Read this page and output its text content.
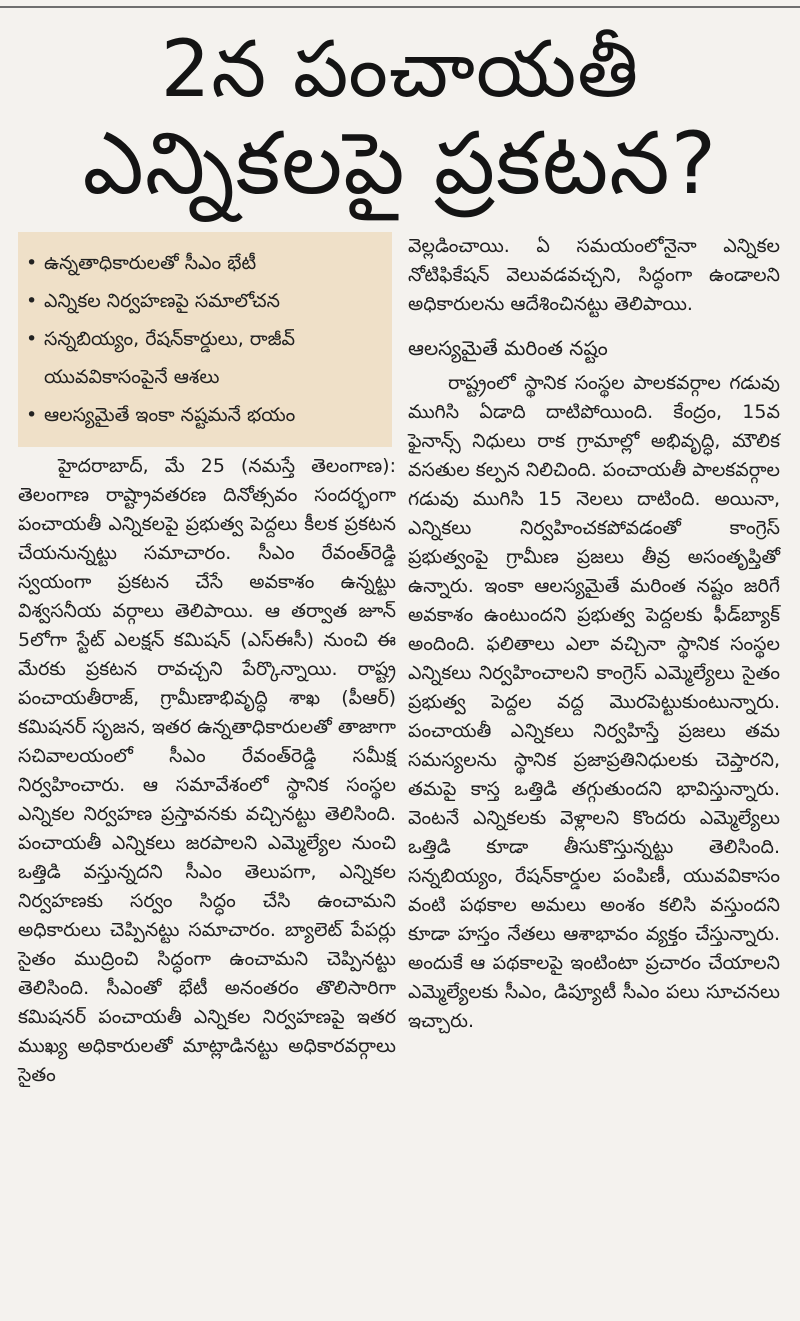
2న పంచాయతీ
ఎన్నికలపై ప్రకటన?
• ఉన్నతాధికారులతో సీఎం భేటీ
• ఎన్నికల నిర్వహణపై సమాలోచన
• సన్నబియ్యం, రేషన్‌కార్డులు, రాజీవ్ యువవికాసంపైనే ఆశలు
• ఆలస్యమైతే ఇంకా నష్టమనే భయం

హైదరాబాద్, మే 25 (నమస్తే తెలంగాణ): తెలంగాణ రాష్ట్రావతరణ దినోత్సవం సందర్భంగా పంచాయతీ ఎన్నికలపై ప్రభుత్వ పెద్దలు కీలక ప్రకటన చేయనున్నట్టు సమాచారం. సీఎం రేవంత్‌రెడ్డి స్వయంగా ప్రకటన చేసే అవకాశం ఉన్నట్టు విశ్వసనీయ వర్గాలు తెలిపాయి. ఆ తర్వాత జూన్ 5లోగా స్టేట్ ఎలక్షన్ కమిషన్ (ఎస్ఈసీ) నుంచి ఈ మేరకు ప్రకటన రావచ్చని పేర్కొన్నాయి. రాష్ట్ర పంచాయతీరాజ్, గ్రామీణాభివృద్ధి శాఖ (పీఆర్) కమిషనర్ సృజన, ఇతర ఉన్నతాధికారులతో తాజాగా సచివాలయంలో సీఎం రేవంత్‌రెడ్డి సమీక్ష నిర్వహించారు. ఆ సమావేశంలో స్థానిక సంస్థల ఎన్నికల నిర్వహణ ప్రస్తావనకు వచ్చినట్టు తెలిసింది. పంచాయతీ ఎన్నికలు జరపాలని ఎమ్మెల్యేల నుంచి ఒత్తిడి వస్తున్నదని సీఎం తెలుపగా, ఎన్నికల నిర్వహణకు సర్వం సిద్ధం చేసి ఉంచామని అధికారులు చెప్పినట్టు సమాచారం. బ్యాలెట్ పేపర్లు సైతం ముద్రించి సిద్ధంగా ఉంచామని చెప్పినట్టు తెలిసింది. సీఎంతో భేటీ అనంతరం తొలిసారిగా కమిషనర్ పంచాయతీ ఎన్నికల నిర్వహణపై ఇతర ముఖ్య అధికారులతో మాట్లాడినట్టు అధికారవర్గాలు సైతం

వెల్లడించాయి. ఏ సమయంలోనైనా ఎన్నికల నోటిఫికేషన్ వెలువడవచ్చని, సిద్ధంగా ఉండాలని అధికారులను ఆదేశించినట్టు తెలిపాయి.

ఆలస్యమైతే మరింత నష్టం

రాష్ట్రంలో స్థానిక సంస్థల పాలకవర్గాల గడువు ముగిసి ఏడాది దాటిపోయింది. కేంద్రం, 15వ ఫైనాన్స్ నిధులు రాక గ్రామాల్లో అభివృద్ధి, మౌలిక వసతుల కల్పన నిలిచింది. పంచాయతీ పాలకవర్గాల గడువు ముగిసి 15 నెలలు దాటింది. అయినా, ఎన్నికలు నిర్వహించకపోవడంతో కాంగ్రెస్ ప్రభుత్వంపై గ్రామీణ ప్రజలు తీవ్ర అసంతృప్తితో ఉన్నారు. ఇంకా ఆలస్యమైతే మరింత నష్టం జరిగే అవకాశం ఉంటుందని ప్రభుత్వ పెద్దలకు ఫీడ్‌బ్యాక్ అందింది. ఫలితాలు ఎలా వచ్చినా స్థానిక సంస్థల ఎన్నికలు నిర్వహించాలని కాంగ్రెస్ ఎమ్మెల్యేలు సైతం ప్రభుత్వ పెద్దల వద్ద మొరపెట్టుకుంటున్నారు. పంచాయతీ ఎన్నికలు నిర్వహిస్తే ప్రజలు తమ సమస్యలను స్థానిక ప్రజాప్రతినిధులకు చెప్తారని, తమపై కాస్త ఒత్తిడి తగ్గుతుందని భావిస్తున్నారు. వెంటనే ఎన్నికలకు వెళ్లాలని కొందరు ఎమ్మెల్యేలు ఒత్తిడి కూడా తీసుకొస్తున్నట్టు తెలిసింది. సన్నబియ్యం, రేషన్‌కార్డుల పంపిణీ, యువవికాసం వంటి పథకాల అమలు అంశం కలిసి వస్తుందని కూడా హస్తం నేతలు ఆశాభావం వ్యక్తం చేస్తున్నారు. అందుకే ఆ పథకాలపై ఇంటింటా ప్రచారం చేయాలని ఎమ్మెల్యేలకు సీఎం, డిప్యూటీ సీఎం పలు సూచనలు ఇచ్చారు.
